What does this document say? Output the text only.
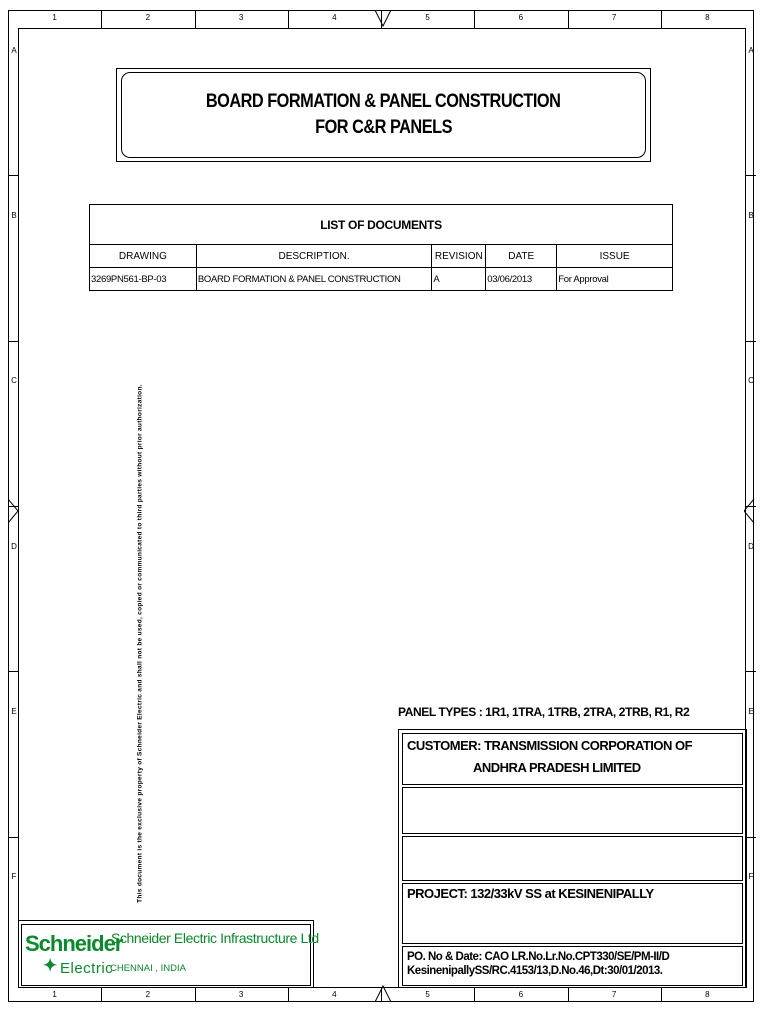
1	2	3	4	5	6	7	8
1	2	3	4	5	6	7	8
A
B
C
D
E
F
A
B
C
D
E
F
This document is the exclusive property of Schneider Electric and shall not be used, copied or communicated to third parties without prior authorization.
BOARD FORMATION & PANEL CONSTRUCTION
FOR C&R PANELS
LIST OF DOCUMENTS				
DRAWING	DESCRIPTION.	REVISION	DATE	ISSUE
3269PN561-BP-03	BOARD FORMATION & PANEL CONSTRUCTION	A	03/06/2013	For Approval
PANEL TYPES : 1R1, 1TRA, 1TRB, 2TRA, 2TRB, R1, R2
CUSTOMER: TRANSMISSION CORPORATION OF
ANDHRA PRADESH LIMITED
PROJECT: 132/33kV SS at KESINENIPALLY
PO. No & Date: CAO LR.No.Lr.No.CPT330/SE/PM-II/D
KesinenipallySS/RC.4153/13,D.No.46,Dt:30/01/2013.
Schneider
✦ Electric
Schneider Electric Infrastructure Ltd
CHENNAI , INDIA
